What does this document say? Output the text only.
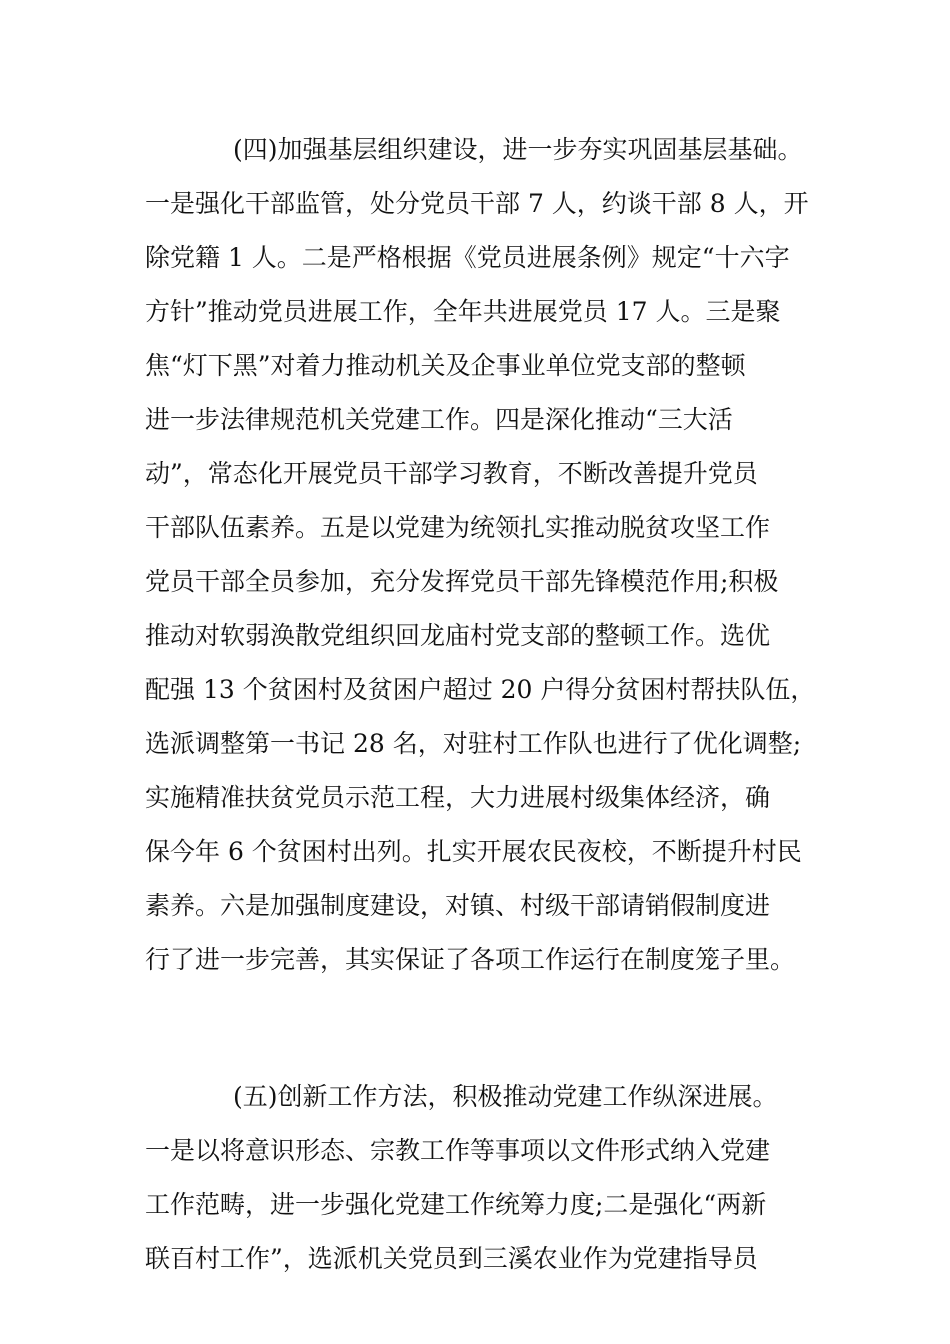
(四)加强基层组织建设，进一步夯实巩固基层基础。
一是强化干部监管，处分党员干部 7 人，约谈干部 8 人，开
除党籍 1 人。二是严格根据《党员进展条例》规定“十六字
方针”推动党员进展工作，全年共进展党员 17 人。三是聚
焦“灯下黑”对着力推动机关及企事业单位党支部的整顿
进一步法律规范机关党建工作。四是深化推动“三大活
动”，常态化开展党员干部学习教育，不断改善提升党员
干部队伍素养。五是以党建为统领扎实推动脱贫攻坚工作
党员干部全员参加，充分发挥党员干部先锋模范作用;积极
推动对软弱涣散党组织回龙庙村党支部的整顿工作。选优
配强 13 个贫困村及贫困户超过 20 户得分贫困村帮扶队伍，
选派调整第一书记 28 名，对驻村工作队也进行了优化调整;
实施精准扶贫党员示范工程，大力进展村级集体经济，确
保今年 6 个贫困村出列。扎实开展农民夜校，不断提升村民
素养。六是加强制度建设，对镇、村级干部请销假制度进
行了进一步完善，其实保证了各项工作运行在制度笼子里。
(五)创新工作方法，积极推动党建工作纵深进展。
一是以将意识形态、宗教工作等事项以文件形式纳入党建
工作范畴，进一步强化党建工作统筹力度;二是强化“两新
联百村工作”，选派机关党员到三溪农业作为党建指导员
